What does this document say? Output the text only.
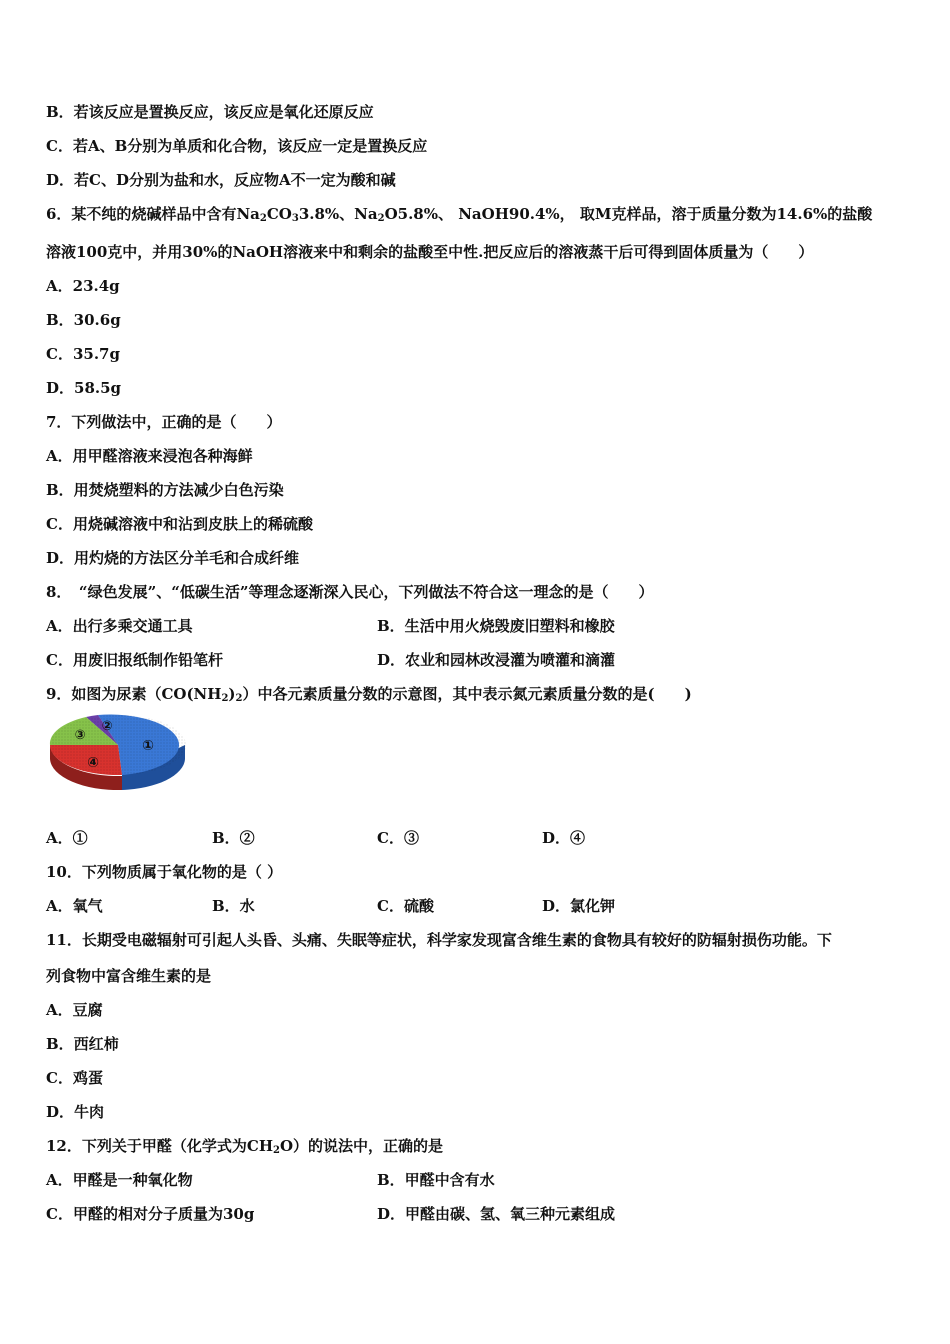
B．若该反应是置换反应，该反应是氧化还原反应
C．若A、B分别为单质和化合物，该反应一定是置换反应
D．若C、D分别为盐和水，反应物A不一定为酸和碱
6．某不纯的烧碱样品中含有$Na_2CO_33.8\%$、$Na_2O5.8\%$、 NaOH90.4%， 取M克样品，溶于质量分数为14.6%的盐酸
溶液100克中，并用30%的NaOH溶液来中和剩余的盐酸至中性.把反应后的溶液蒸干后可得到固体质量为（　　）
A．23.4g
B．30.6g
C．35.7g
D．58.5g
7．下列做法中，正确的是（　　）
A．用甲醛溶液来浸泡各种海鲜
B．用焚烧塑料的方法减少白色污染
C．用烧碱溶液中和沾到皮肤上的稀硫酸
D．用灼烧的方法区分羊毛和合成纤维
8．　“绿色发展”、“低碳生活”等理念逐渐深入民心，下列做法不符合这一理念的是（　　）
A．出行多乘交通工具	B．生活中用火烧毁废旧塑料和橡胶
C．用废旧报纸制作铅笔杆	D．农业和园林改浸灌为喷灌和滴灌
9．如图为尿素$(CO(NH_2)_2)$中各元素质量分数的示意图，其中表示氮元素质量分数的是(　　)
①
②
③
④
A．①	B．②	C．③	D．④
10．下列物质属于氧化物的是（ ）
A．氧气	B．水	C．硫酸	D．氯化钾
11．长期受电磁辐射可引起人头昏、头痛、失眠等症状，科学家发现富含维生素的食物具有较好的防辐射损伤功能。下
列食物中富含维生素的是
A．豆腐
B．西红柿
C．鸡蛋
D．牛肉
12．下列关于甲醛（化学式为$CH_2O$）的说法中，正确的是
A．甲醛是一种氧化物	B．甲醛中含有水
C．甲醛的相对分子质量为30g	D．甲醛由碳、氢、氧三种元素组成
